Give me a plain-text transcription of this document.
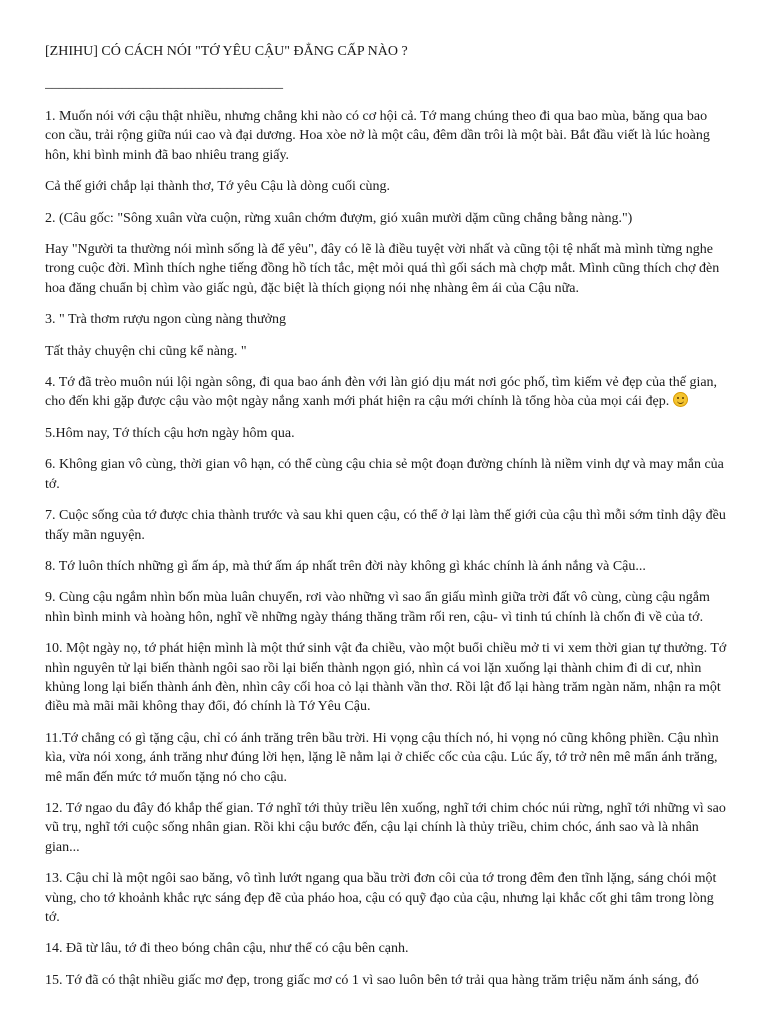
[ZHIHU] CÓ CÁCH NÓI "TỚ YÊU CẬU" ĐẲNG CẤP NÀO ?
__________________________________

1. Muốn nói với cậu thật nhiều, nhưng chẳng khi nào có cơ hội cả. Tớ mang chúng theo đi qua bao mùa, băng qua bao con cầu, trải rộng giữa núi cao và đại dương. Hoa xòe nở là một câu, đêm dần trôi là một bài. Bắt đầu viết là lúc hoàng hôn, khi bình minh đã bao nhiêu trang giấy.

Cả thế giới chắp lại thành thơ, Tớ yêu Cậu là dòng cuối cùng.

2. (Câu gốc: "Sông xuân vừa cuộn, rừng xuân chớm đượm, gió xuân mười dặm cũng chẳng bằng nàng.")

Hay "Người ta thường nói mình sống là để yêu", đây có lẽ là điều tuyệt vời nhất và cũng tội tệ nhất mà mình từng nghe trong cuộc đời. Mình thích nghe tiếng đồng hồ tích tắc, mệt mỏi quá thì gối sách mà chợp mắt. Mình cũng thích chợ đèn hoa đăng chuẩn bị chìm vào giấc ngủ, đặc biệt là thích giọng nói nhẹ nhàng êm ái của Cậu nữa.

3. " Trà thơm rượu ngon cùng nàng thưởng

Tất thảy chuyện chi cũng kể nàng. "

4. Tớ đã trèo muôn núi lội ngàn sông, đi qua bao ánh đèn với làn gió dịu mát nơi góc phố, tìm kiếm vẻ đẹp của thế gian, cho đến khi gặp được cậu vào một ngày nắng xanh mới phát hiện ra cậu mới chính là tổng hòa của mọi cái đẹp.

5.Hôm nay, Tớ thích cậu hơn ngày hôm qua.

6. Không gian vô cùng, thời gian vô hạn, có thể cùng cậu chia sẻ một đoạn đường chính là niềm vinh dự và may mắn của tớ.

7. Cuộc sống của tớ được chia thành trước và sau khi quen cậu, có thể ở lại làm thế giới của cậu thì mỗi sớm tỉnh dậy đều thấy mãn nguyện.

8. Tớ luôn thích những gì ấm áp, mà thứ ấm áp nhất trên đời này không gì khác chính là ánh nắng và Cậu...

9. Cùng cậu ngắm nhìn bốn mùa luân chuyển, rơi vào những vì sao ẩn giấu mình giữa trời đất vô cùng, cùng cậu ngắm nhìn bình minh và hoàng hôn, nghĩ về những ngày tháng thăng trầm rối ren, cậu- vì tinh tú chính là chốn đi về của tớ.

10. Một ngày nọ, tớ phát hiện mình là một thứ sinh vật đa chiều, vào một buổi chiều mở ti vi xem thời gian tự thưởng. Tớ nhìn nguyên tử lại biến thành ngôi sao rồi lại biến thành ngọn gió, nhìn cá voi lặn xuống lại thành chim đi di cư, nhìn khủng long lại biến thành ánh đèn, nhìn cây cối hoa cỏ lại thành vần thơ. Rồi lật đổ lại hàng trăm ngàn năm, nhận ra một điều mà mãi mãi không thay đổi, đó chính là Tớ Yêu Cậu.

11.Tớ chẳng có gì tặng cậu, chỉ có ánh trăng trên bầu trời. Hi vọng cậu thích nó, hi vọng nó cũng không phiền. Cậu nhìn kìa, vừa nói xong, ánh trăng như đúng lời hẹn, lặng lẽ nằm lại ở chiếc cốc của cậu. Lúc ấy, tớ trở nên mê mẩn ánh trăng, mê mẩn đến mức tớ muốn tặng nó cho cậu.

12. Tớ ngao du đây đó khắp thế gian. Tớ nghĩ tới thủy triều lên xuống, nghĩ tới chim chóc núi rừng, nghĩ tới những vì sao vũ trụ, nghĩ tới cuộc sống nhân gian. Rồi khi cậu bước đến, cậu lại chính là thủy triều, chim chóc, ánh sao và là nhân gian...

13. Cậu chỉ là một ngôi sao băng, vô tình lướt ngang qua bầu trời đơn côi của tớ trong đêm đen tĩnh lặng, sáng chói một vùng, cho tớ khoảnh khắc rực sáng đẹp đẽ của pháo hoa, cậu có quỹ đạo của cậu, nhưng lại khắc cốt ghi tâm trong lòng tớ.

14. Đã từ lâu, tớ đi theo bóng chân cậu, như thể có cậu bên cạnh.

15. Tớ đã có thật nhiều giấc mơ đẹp, trong giấc mơ có 1 vì sao luôn bên tớ trải qua hàng trăm triệu năm ánh sáng, đó
